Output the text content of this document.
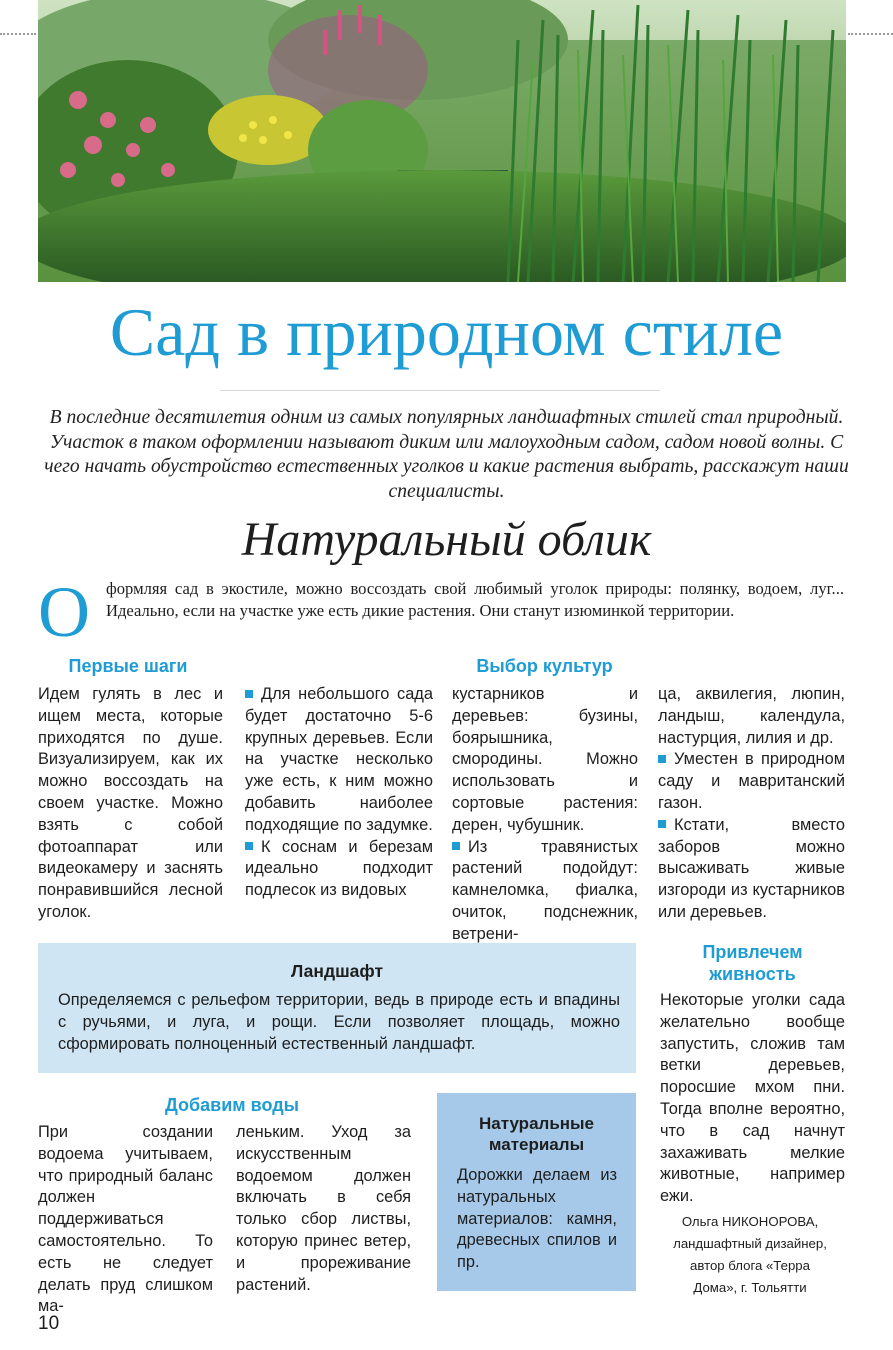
Сад в природном стиле

В последние десятилетия одним из самых популярных ландшафтных стилей стал природный. Участок в таком оформлении называют диким или малоуходным садом, садом новой волны. С чего начать обустройство естественных уголков и какие растения выбрать, расскажут наши специалисты.

Натуральный облик
О формляя сад в экостиле, можно воссоздать свой любимый уголок природы: полянку, водоем, луг... Идеально, если на участке уже есть дикие растения. Они станут изюминкой территории.

Первые шаги

Идем гулять в лес и ищем места, которые приходятся по душе. Визуализируем, как их можно воссоздать на своем участке. Можно взять с собой фотоаппарат или видеокамеру и заснять понравившийся лесной уголок.

Для небольшого сада будет достаточно 5-6 крупных деревьев. Если на участке несколько уже есть, к ним можно добавить наиболее подходящие по задумке.

К соснам и березам идеально подходит подлесок из видовых

Выбор культур

кустарников и деревьев: бузины, боярышника, смородины. Можно использовать и сортовые растения: дерен, чубушник.

Из травянистых растений подойдут: камнеломка, фиалка, очиток, подснежник, ветрени-

ца, аквилегия, люпин, ландыш, календула, настурция, лилия и др.

Уместен в природном саду и мавританский газон.

Кстати, вместо заборов можно высаживать живые изгороди из кустарников или деревьев.

Ландшафт

Определяемся с рельефом территории, ведь в природе есть и впадины с ручьями, и луга, и рощи. Если позволяет площадь, можно сформировать полноценный естественный ландшафт.

Привлечем живность

Некоторые уголки сада желательно вообще запустить, сложив там ветки деревьев, поросшие мхом пни. Тогда вполне вероятно, что в сад начнут захаживать мелкие животные, например ежи.

Добавим воды

При создании водоема учитываем, что природный баланс должен поддерживаться самостоятельно. То есть не следует делать пруд слишком ма-

леньким. Уход за искусственным водоемом должен включать в себя только сбор листвы, которую принес ветер, и прореживание растений.

Натуральные материалы

Дорожки делаем из натуральных материалов: камня, древесных спилов и пр.

Ольга НИКОНОРОВА,
ландшафтный дизайнер,
автор блога «Терра
Дома», г. Тольятти

10
